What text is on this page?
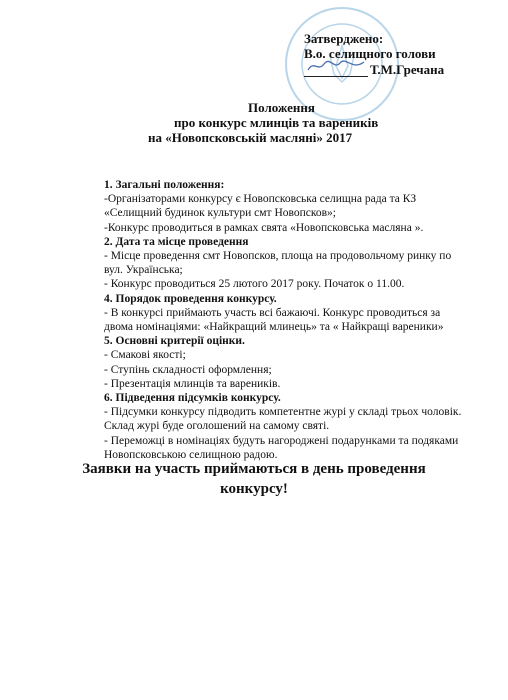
Затверджено:
В.о. селищного голови
Т.М.Гречана
Положення
про конкурс млинців та вареників
на «Новопсковській масляні» 2017
1. Загальні положення:
-Організаторами конкурсу є Новопсковська селищна рада та КЗ
«Селищний будинок культури смт Новопсков»;
-Конкурс проводиться в рамках свята «Новопсковська масляна ».
2. Дата та місце проведення
- Місце проведення смт Новопсков, площа на продовольчому ринку по
вул. Українська;
- Конкурс проводиться 25 лютого 2017 року. Початок о 11.00.
4. Порядок проведення конкурсу.
- В конкурсі приймають участь всі бажаючі. Конкурс проводиться за
двома номінаціями: «Найкращий млинець» та « Найкращі вареники»
5. Основні критерії оцінки.
- Смакові якості;
- Ступінь складності оформлення;
- Презентація млинців та вареників.
6. Підведення підсумків конкурсу.
- Підсумки конкурсу підводить компетентне журі у складі трьох чоловік.
Склад журі буде оголошений на самому святі.
- Переможці в номінаціях будуть нагороджені подарунками та подяками
Новопсковською селищною радою.
Заявки на участь приймаються в день проведення
конкурсу!
